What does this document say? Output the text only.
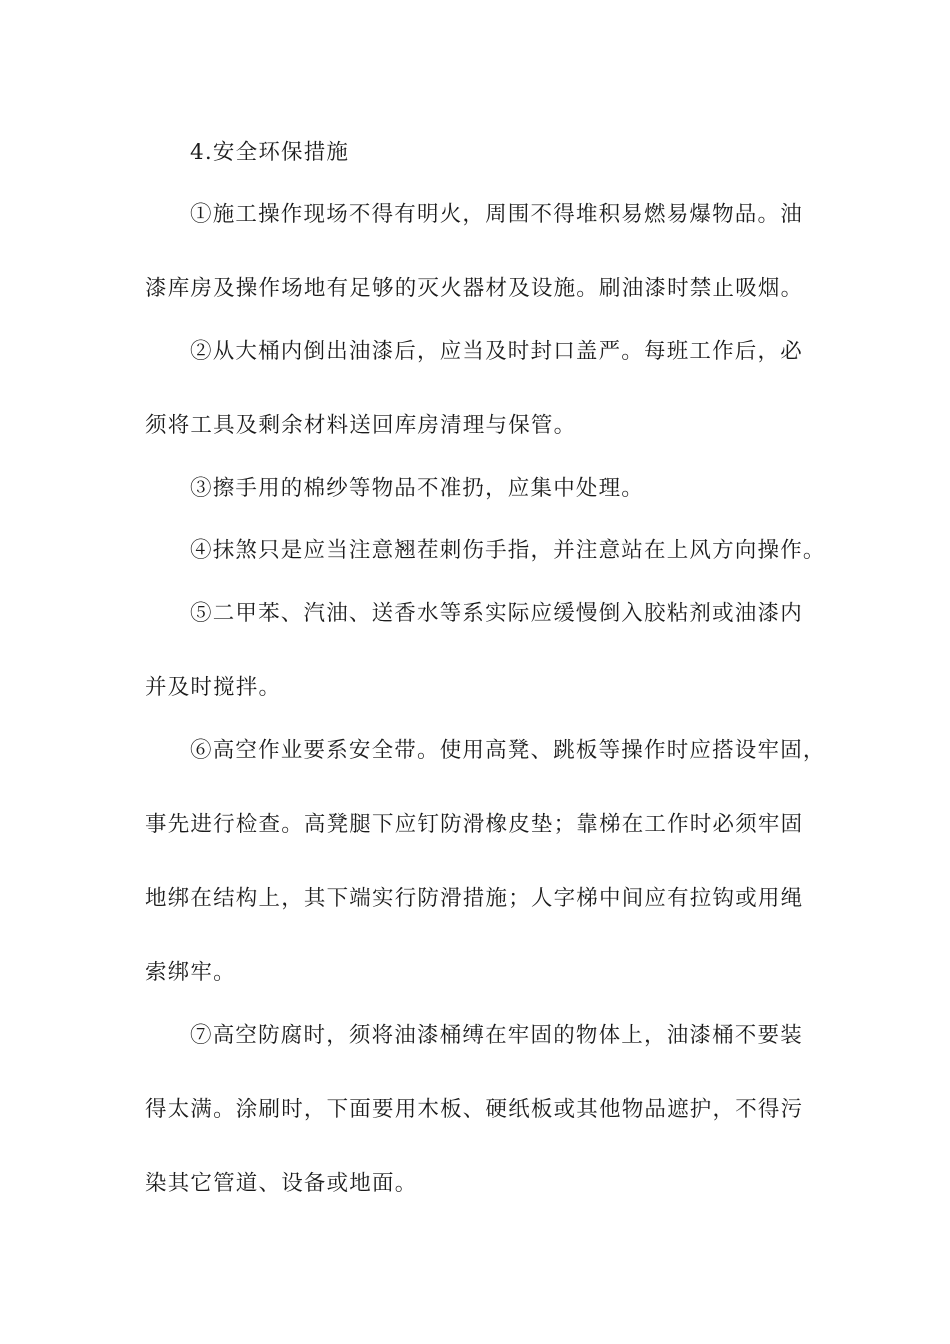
4.安全环保措施
①施工操作现场不得有明火，周围不得堆积易燃易爆物品。油
漆库房及操作场地有足够的灭火器材及设施。刷油漆时禁止吸烟。
②从大桶内倒出油漆后，应当及时封口盖严。每班工作后，必
须将工具及剩余材料送回库房清理与保管。
③擦手用的棉纱等物品不准扔，应集中处理。
④抹煞只是应当注意翘茬刺伤手指，并注意站在上风方向操作。
⑤二甲苯、汽油、送香水等系实际应缓慢倒入胶粘剂或油漆内
并及时搅拌。
⑥高空作业要系安全带。使用高凳、跳板等操作时应搭设牢固，
事先进行检查。高凳腿下应钉防滑橡皮垫；靠梯在工作时必须牢固
地绑在结构上，其下端实行防滑措施；人字梯中间应有拉钩或用绳
索绑牢。
⑦高空防腐时，须将油漆桶缚在牢固的物体上，油漆桶不要装
得太满。涂刷时，下面要用木板、硬纸板或其他物品遮护，不得污
染其它管道、设备或地面。
